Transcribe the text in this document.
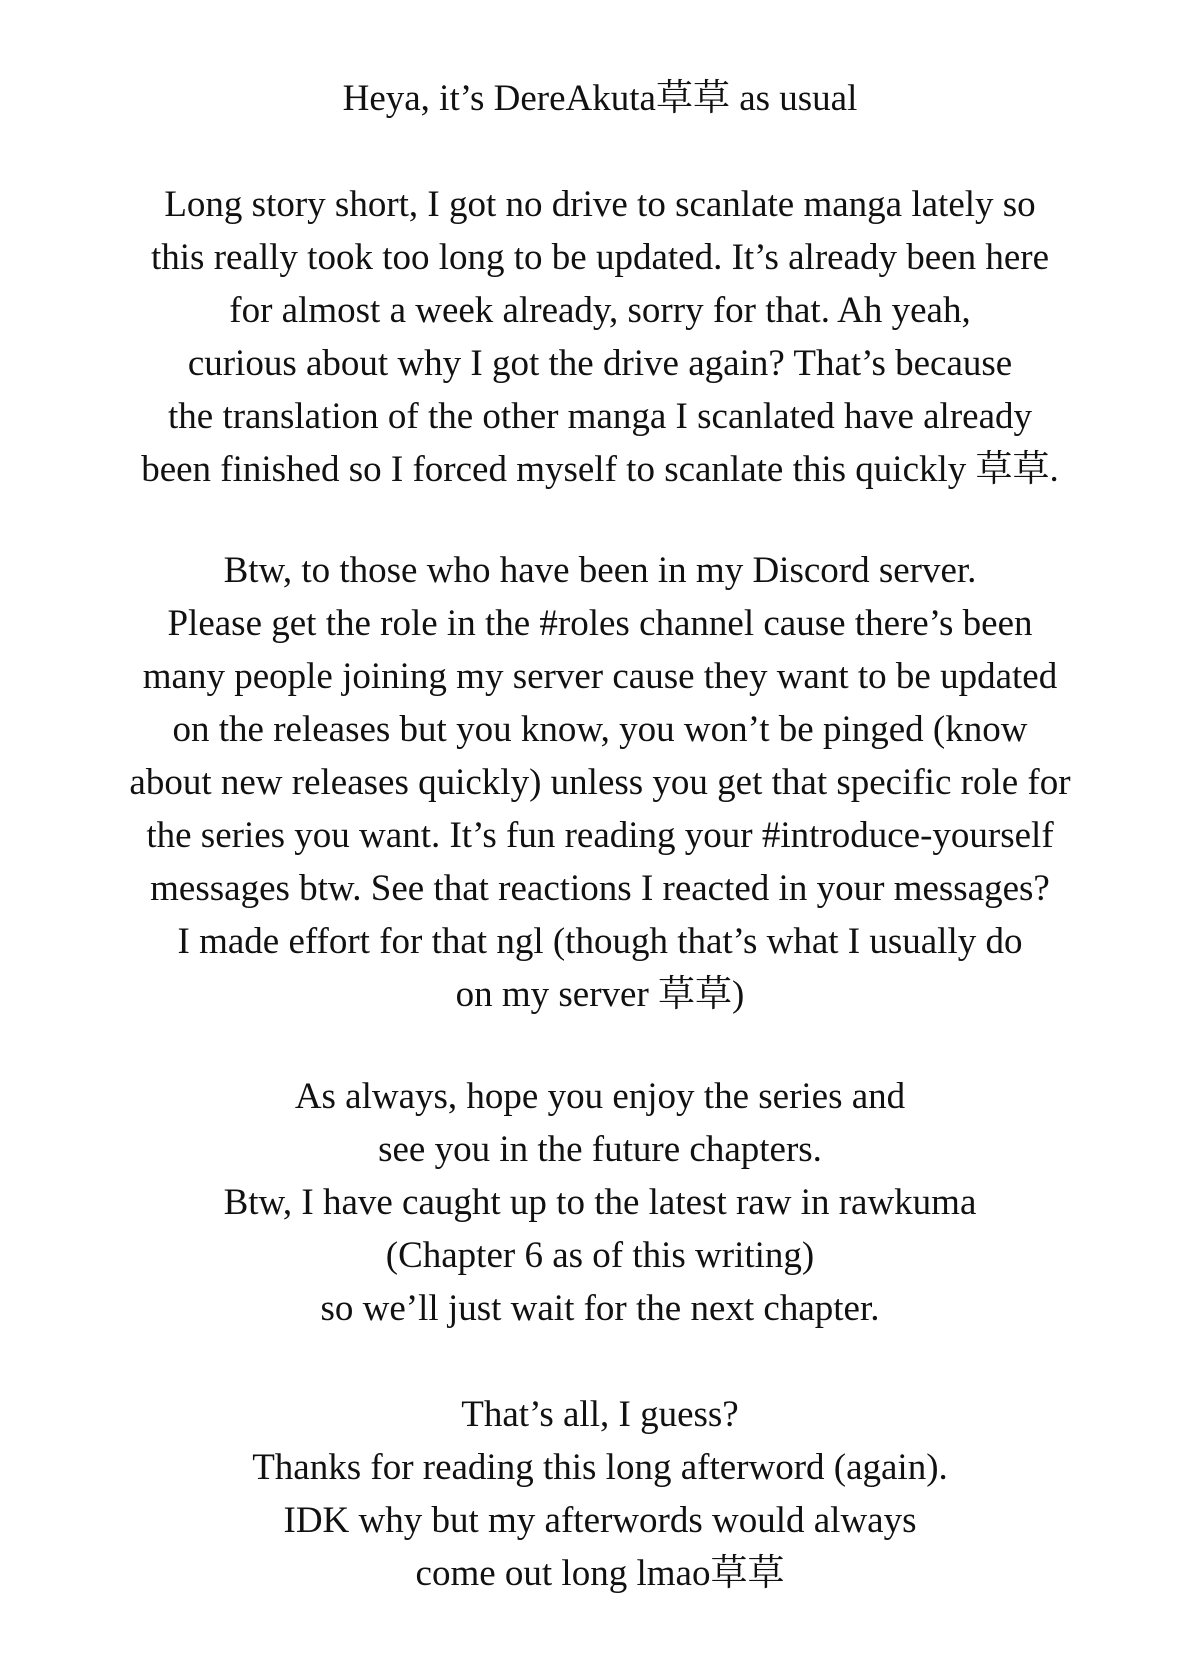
Heya, it’s DereAkuta草草 as usual

Long story short, I got no drive to scanlate manga lately so
this really took too long to be updated. It’s already been here
for almost a week already, sorry for that. Ah yeah,
curious about why I got the drive again? That’s because
the translation of the other manga I scanlated have already
been finished so I forced myself to scanlate this quickly 草草.

Btw, to those who have been in my Discord server.
Please get the role in the #roles channel cause there’s been
many people joining my server cause they want to be updated
on the releases but you know, you won’t be pinged (know
about new releases quickly) unless you get that specific role for
the series you want. It’s fun reading your #introduce-yourself
messages btw. See that reactions I reacted in your messages?
I made effort for that ngl (though that’s what I usually do
on my server 草草)

As always, hope you enjoy the series and
see you in the future chapters.
Btw, I have caught up to the latest raw in rawkuma
(Chapter 6 as of this writing)
so we’ll just wait for the next chapter.

That’s all, I guess?
Thanks for reading this long afterword (again).
IDK why but my afterwords would always
come out long lmao草草
